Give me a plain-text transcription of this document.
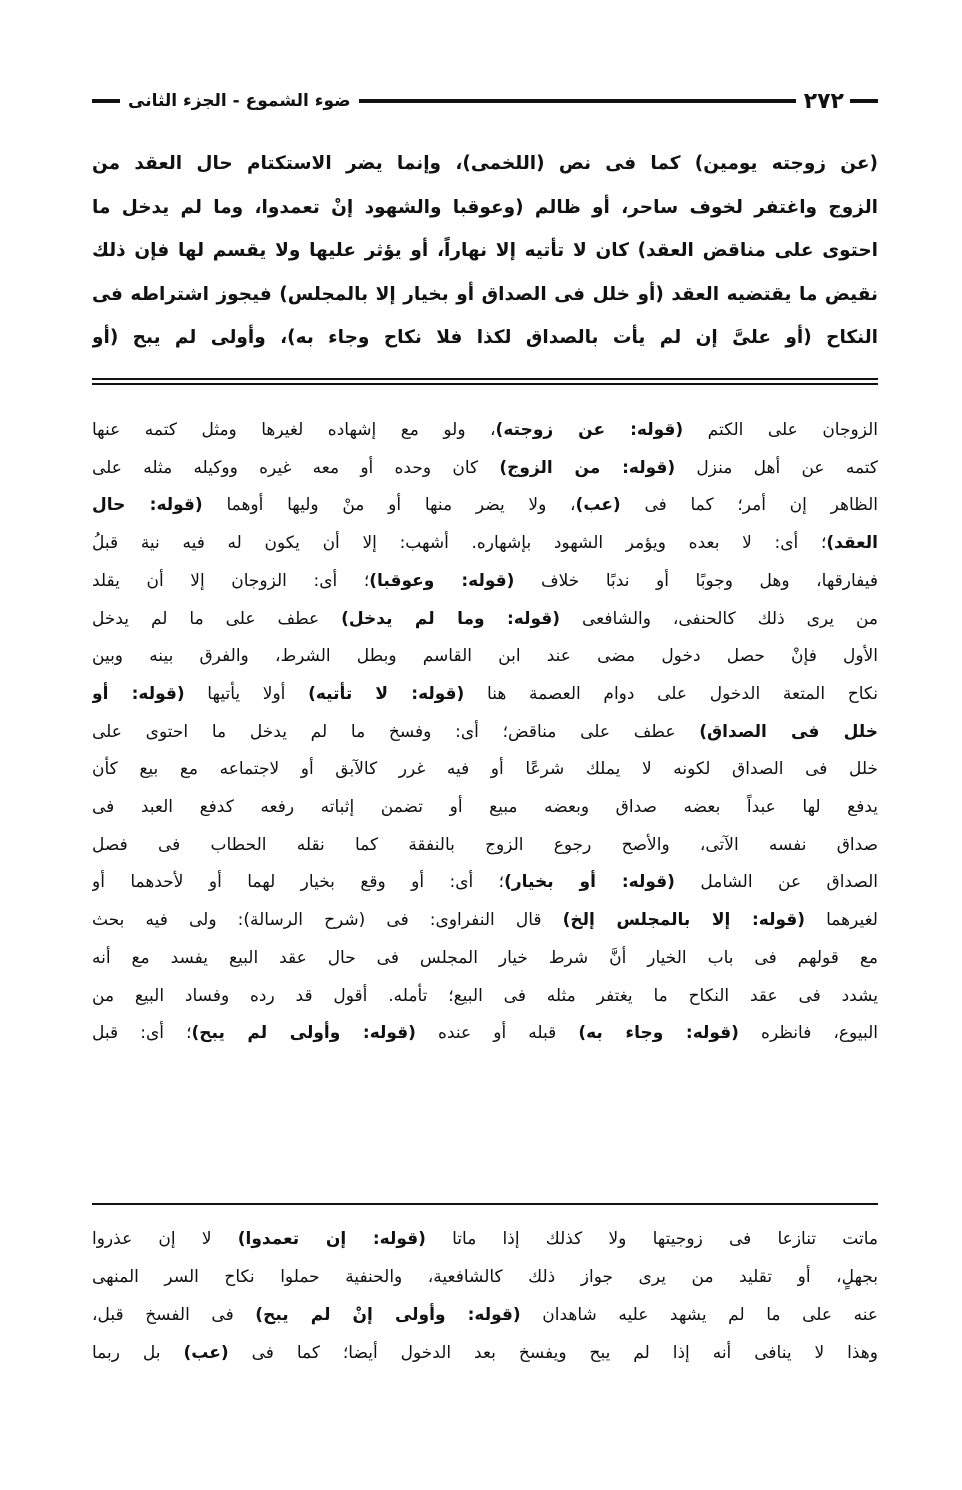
٢٧٢
ضوء الشموع - الجزء الثانى
(عن زوجته يومين) كما فى نص (اللخمى)، وإنما يضر الاستكتام حال العقد من
الزوج واغتفر لخوف ساحر، أو ظالم (وعوقبا والشهود إنْ تعمدوا، وما لم يدخل ما
احتوى على مناقض العقد) كان لا تأتيه إلا نهاراً، أو يؤثر عليها ولا يقسم لها فإن ذلك
نقيض ما يقتضيه العقد (أو خلل فى الصداق أو بخيار إلا بالمجلس) فيجوز اشتراطه فى
النكاح (أو علىَّ إن لم يأت بالصداق لكذا فلا نكاح وجاء به)، وأولى لم يبح (أو
الزوجان على الكتم (قوله: عن زوجته)، ولو مع إشهاده لغيرها ومثل كتمه عنها
كتمه عن أهل منزل (قوله: من الزوج) كان وحده أو معه غيره ووكيله مثله على
الظاهر إن أمر؛ كما فى (عب)، ولا يضر منها أو منْ وليها أوهما (قوله: حال
العقد)؛ أى: لا بعده ويؤمر الشهود بإشهاره. أشهب: إلا أن يكون له فيه نية قبلُ
فيفارقها، وهل وجوبًا أو ندبًا خلاف (قوله: وعوقبا)؛ أى: الزوجان إلا أن يقلد
من يرى ذلك كالحنفى، والشافعى (قوله: وما لم يدخل) عطف على ما لم يدخل
الأول فإنْ حصل دخول مضى عند ابن القاسم وبطل الشرط، والفرق بينه وبين
نكاح المتعة الدخول على دوام العصمة هنا (قوله: لا تأتيه) أولا يأتيها (قوله: أو
خلل فى الصداق) عطف على مناقض؛ أى: وفسخ ما لم يدخل ما احتوى على
خلل فى الصداق لكونه لا يملك شرعًا أو فيه غرر كالآبق أو لاجتماعه مع بيع كأن
يدفع لها عبداً بعضه صداق وبعضه مبيع أو تضمن إثباته رفعه كدفع العبد فى
صداق نفسه الآتى، والأصح رجوع الزوج بالنفقة كما نقله الحطاب فى فصل
الصداق عن الشامل (قوله: أو بخيار)؛ أى: أو وقع بخيار لهما أو لأحدهما أو
لغيرهما (قوله: إلا بالمجلس إلخ) قال النفراوى: فى (شرح الرسالة): ولى فيه بحث
مع قولهم فى باب الخيار أنَّ شرط خيار المجلس فى حال عقد البيع يفسد مع أنه
يشدد فى عقد النكاح ما يغتفر مثله فى البيع؛ تأمله. أقول قد رده وفساد البيع من
البيوع، فانظره (قوله: وجاء به) قبله أو عنده (قوله: وأولى لم يبح)؛ أى: قبل
ماتت تنازعا فى زوجيتها ولا كذلك إذا ماتا (قوله: إن تعمدوا) لا إن عذروا
بجهلٍ، أو تقليد من يرى جواز ذلك كالشافعية، والحنفية حملوا نكاح السر المنهى
عنه على ما لم يشهد عليه شاهدان (قوله: وأولى إنْ لم يبح) فى الفسخ قبل،
وهذا لا ينافى أنه إذا لم يبح ويفسخ بعد الدخول أيضا؛ كما فى (عب) بل ربما
